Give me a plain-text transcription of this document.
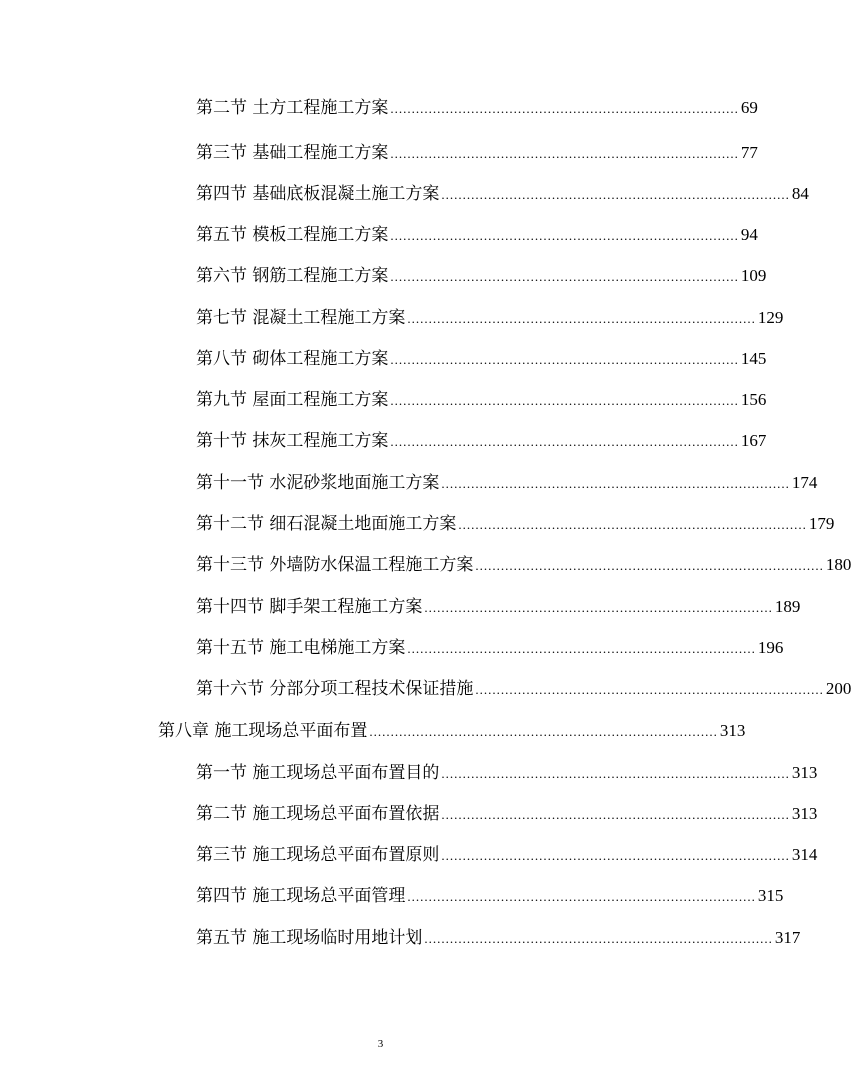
第二节 土方工程施工方案 .................................................................................. 69
第三节 基础工程施工方案 .................................................................................. 77
第四节 基础底板混凝土施工方案 .................................................................................. 84
第五节 模板工程施工方案 .................................................................................. 94
第六节 钢筋工程施工方案 .................................................................................. 109
第七节 混凝土工程施工方案 .................................................................................. 129
第八节 砌体工程施工方案 .................................................................................. 145
第九节 屋面工程施工方案 .................................................................................. 156
第十节 抹灰工程施工方案 .................................................................................. 167
第十一节 水泥砂浆地面施工方案 .................................................................................. 174
第十二节 细石混凝土地面施工方案 .................................................................................. 179
第十三节 外墙防水保温工程施工方案 .................................................................................. 180
第十四节 脚手架工程施工方案 .................................................................................. 189
第十五节 施工电梯施工方案 .................................................................................. 196
第十六节 分部分项工程技术保证措施 .................................................................................. 200
第八章 施工现场总平面布置 .................................................................................. 313
第一节 施工现场总平面布置目的 .................................................................................. 313
第二节 施工现场总平面布置依据 .................................................................................. 313
第三节 施工现场总平面布置原则 .................................................................................. 314
第四节 施工现场总平面管理 .................................................................................. 315
第五节 施工现场临时用地计划 .................................................................................. 317
3
